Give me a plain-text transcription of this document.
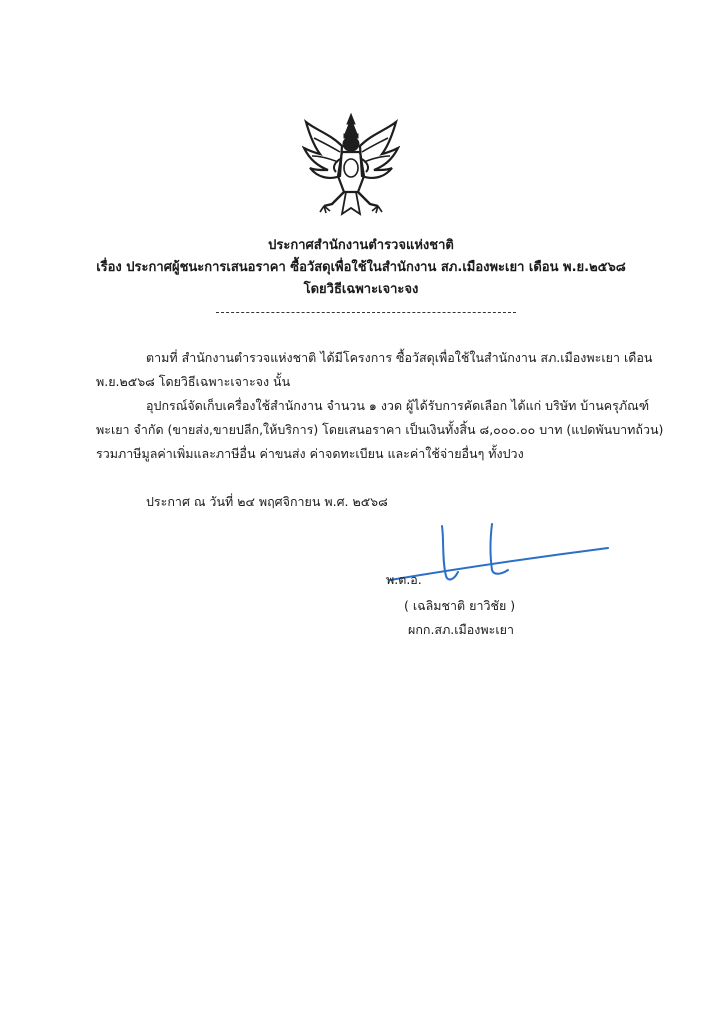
ประกาศสำนักงานตำรวจแห่งชาติ
เรื่อง ประกาศผู้ชนะการเสนอราคา ซื้อวัสดุเพื่อใช้ในสำนักงาน สภ.เมืองพะเยา เดือน พ.ย.๒๕๖๘
โดยวิธีเฉพาะเจาะจง
ตามที่ สำนักงานตำรวจแห่งชาติ ได้มีโครงการ ซื้อวัสดุเพื่อใช้ในสำนักงาน สภ.เมืองพะเยา เดือน
พ.ย.๒๕๖๘ โดยวิธีเฉพาะเจาะจง นั้น
อุปกรณ์จัดเก็บเครื่องใช้สำนักงาน จำนวน ๑ งวด ผู้ได้รับการคัดเลือก ได้แก่ บริษัท บ้านครุภัณฑ์
พะเยา จำกัด (ขายส่ง,ขายปลีก,ให้บริการ) โดยเสนอราคา เป็นเงินทั้งสิ้น ๘,๐๐๐.๐๐ บาท (แปดพันบาทถ้วน)
รวมภาษีมูลค่าเพิ่มและภาษีอื่น ค่าขนส่ง ค่าจดทะเบียน และค่าใช้จ่ายอื่นๆ ทั้งปวง
ประกาศ ณ วันที่ ๒๔ พฤศจิกายน พ.ศ. ๒๕๖๘
พ.ต.อ.
( เฉลิมชาติ ยาวิชัย )
ผกก.สภ.เมืองพะเยา
